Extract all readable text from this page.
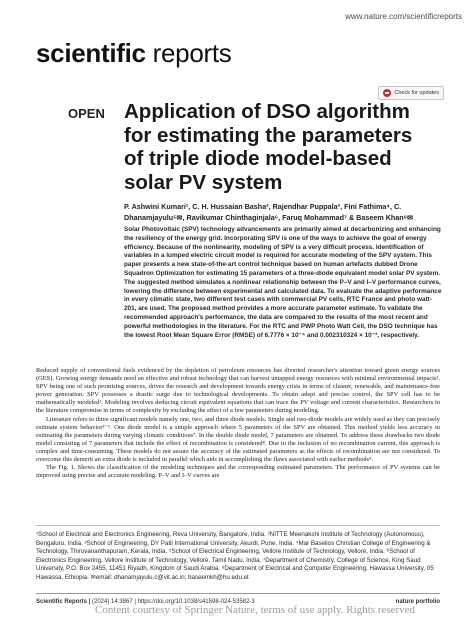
www.nature.com/scientificreports
scientific reports
Check for updates
OPEN Application of DSO algorithm for estimating the parameters of triple diode model-based solar PV system

P. Ashwini Kumari¹, C. H. Hussaian Basha², Rajendhar Puppala³, Fini Fathima⁴, C. Dhanamjayulu⁵✉, Ravikumar Chinthaginjala⁶, Faruq Mohammad⁷ & Baseem Khan⁸✉

Solar Photovoltaic (SPV) technology advancements are primarily aimed at decarbonizing and enhancing the resiliency of the energy grid. Incorporating SPV is one of the ways to achieve the goal of energy efficiency. Because of the nonlinearity, modeling of SPV is a very difficult process. Identification of variables in a lumped electric circuit model is required for accurate modeling of the SPV system. This paper presents a new state-of-the-art control technique based on human artefacts dubbed Drone Squadron Optimization for estimating 15 parameters of a three-diode equivalent model solar PV system. The suggested method simulates a nonlinear relationship between the P–V and I–V performance curves, lowering the difference between experimental and calculated data. To evaluate the adaptive performance in every climatic state, two different test cases with commercial PV cells, RTC France and photo watt-201, are used. The proposed method provides a more accurate parameter estimate. To validate the recommended approach's performance, the data are compared to the results of the most recent and powerful methodologies in the literature. For the RTC and PWP Photo Watt Cell, the DSO technique has the lowest Root Mean Square Error (RMSE) of 6.7776 × 10⁻⁴ and 0.002310324 × 10⁻³, respectively.

Reduced supply of conventional fuels evidenced by the depletion of petroleum resources has diverted researcher's attention toward green energy sources (GES). Growing energy demands need an effective and robust technology that can harvest untapped energy resources with minimal environmental impacts¹. SPV being one of such promising sources, drives the research and development towards energy crisis in terms of cleaner, renewable, and maintenance-free power generation. SPV possesses a drastic surge due to technological developments. To obtain adept and precise control, the SPV cell has to be mathematically modeled². Modeling involves deducing circuit equivalent equations that can trace the PV voltage and current characteristics. Researchers in the literature compromise in terms of complexity by excluding the effect of a few parameters during modeling.

Literature refers to three significant models namely one, two, and three diode models. Single and two-diode models are widely used as they can precisely estimate system behavior³⁻⁶. One diode model is a simple approach where 5 parameters of the SPV are obtained. This method yields less accuracy in estimating the parameters during varying climatic conditions⁷. In the double diode model, 7 parameters are obtained. To address these drawbacks two diode model consisting of 7 parameters that include the effect of recombination is considered⁸. Due to the inclusion of no recombination current, this approach is complex and time-consuming. These models do not assure the accuracy of the estimated parameters as the effects of recombination are not considered. To overcome this demerit an extra diode is included in parallel which aids in accomplishing the flaws associated with earlier methods⁹.

The Fig. 1. Shows the classification of the modeling techniques and the corresponding estimated parameters. The performance of PV systems can be improved using precise and accurate modeling. P–V and I–V curves are

¹School of Electrical and Electronics Engineering, Reva University, Bangalore, India. ²NITTE Meenakshi Institute of Technology (Autonomous), Bengaluru, India. ³School of Engineering, DY Patil International University, Akurdi, Pune, India. ⁴Mar Baselios Christian College of Engineering & Technology, Thiruvananthapuram, Kerala, India. ⁵School of Electrical Engineering, Vellore Institute of Technology, Vellore, India. ⁶School of Electronics Engineering, Vellore Institute of Technology, Vellore, Tamil Nadu, India. ⁷Department of Chemistry, College of Science, King Saud University, P.O. Box 2455, 11451 Riyadh, Kingdom of Saudi Arabia. ⁸Department of Electrical and Computer Engineering, Hawassa University, 05 Hawassa, Ethiopia. ✉email: dhanamjayulu.c@vit.ac.in; baseemkh@hu.edu.et
Scientific Reports | (2024) 14:3867 | https://doi.org/10.1038/s41598-024-53582-3	nature portfolio
Content courtesy of Springer Nature, terms of use apply. Rights reserved
